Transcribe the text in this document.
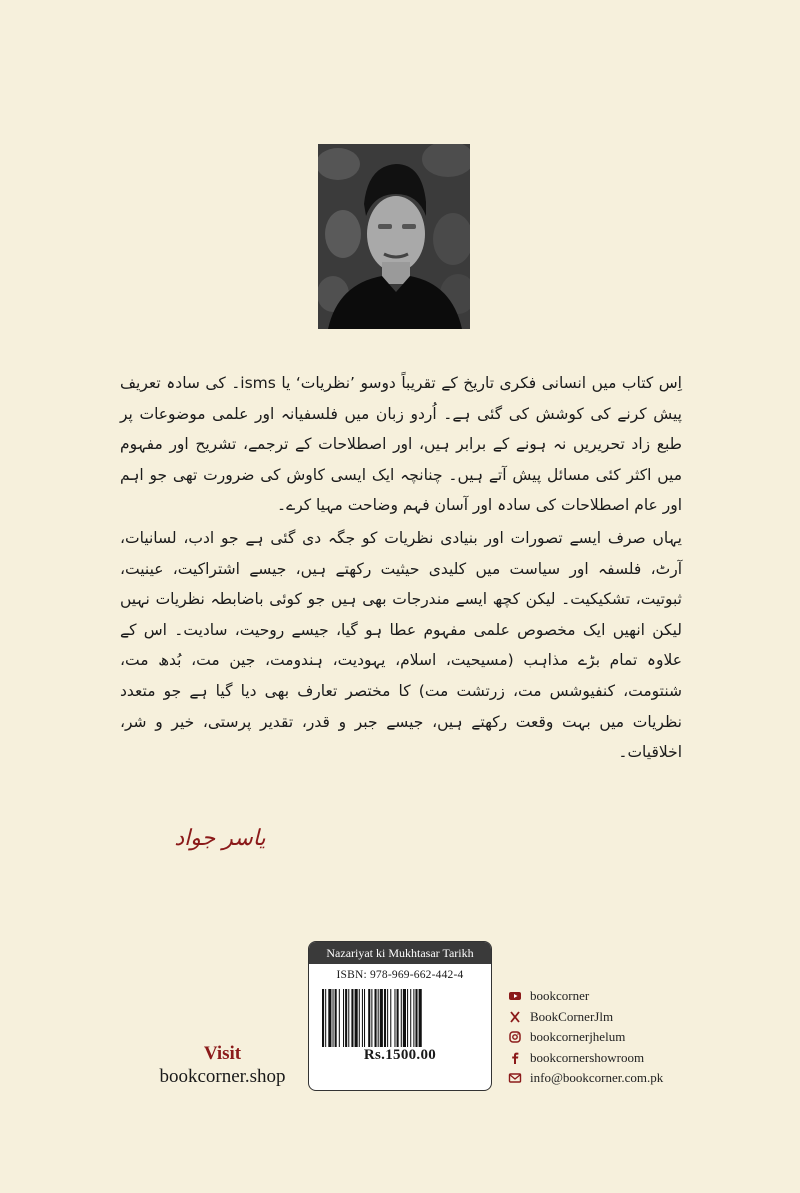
اِس کتاب میں انسانی فکری تاریخ کے تقریباً دوسو ’نظریات‘ یا isms۔ کی سادہ تعریف پیش کرنے کی کوشش کی گئی ہے۔ اُردو زبان میں فلسفیانہ اور علمی موضوعات پر طبع زاد تحریریں نہ ہونے کے برابر ہیں، اور اصطلاحات کے ترجمے، تشریح اور مفہوم میں اکثر کئی مسائل پیش آتے ہیں۔ چنانچہ ایک ایسی کاوش کی ضرورت تھی جو اہم اور عام اصطلاحات کی سادہ اور آسان فہم وضاحت مہیا کرے۔

یہاں صرف ایسے تصورات اور بنیادی نظریات کو جگہ دی گئی ہے جو ادب، لسانیات، آرٹ، فلسفہ اور سیاست میں کلیدی حیثیت رکھتے ہیں، جیسے اشتراکیت، عینیت، ثبوتیت، تشکیکیت۔ لیکن کچھ ایسے مندرجات بھی ہیں جو کوئی باضابطہ نظریات نہیں لیکن انھیں ایک مخصوص علمی مفہوم عطا ہو گیا، جیسے روحیت، سادیت۔ اس کے علاوہ تمام بڑے مذاہب (مسیحیت، اسلام، یہودیت، ہندومت، جین مت، بُدھ مت، شنتومت، کنفیوشس مت، زرتشت مت) کا مختصر تعارف بھی دیا گیا ہے جو متعدد نظریات میں بہت وقعت رکھتے ہیں، جیسے جبر و قدر، تقدیر پرستی، خیر و شر، اخلاقیات۔

یاسر جواد
Visit
bookcorner.shop
Nazariyat ki Mukhtasar Tarikh
ISBN: 978-969-662-442-4
Rs.1500.00
bookcorner
BookCornerJlm
bookcornerjhelum
bookcornershowroom
info@bookcorner.com.pk
